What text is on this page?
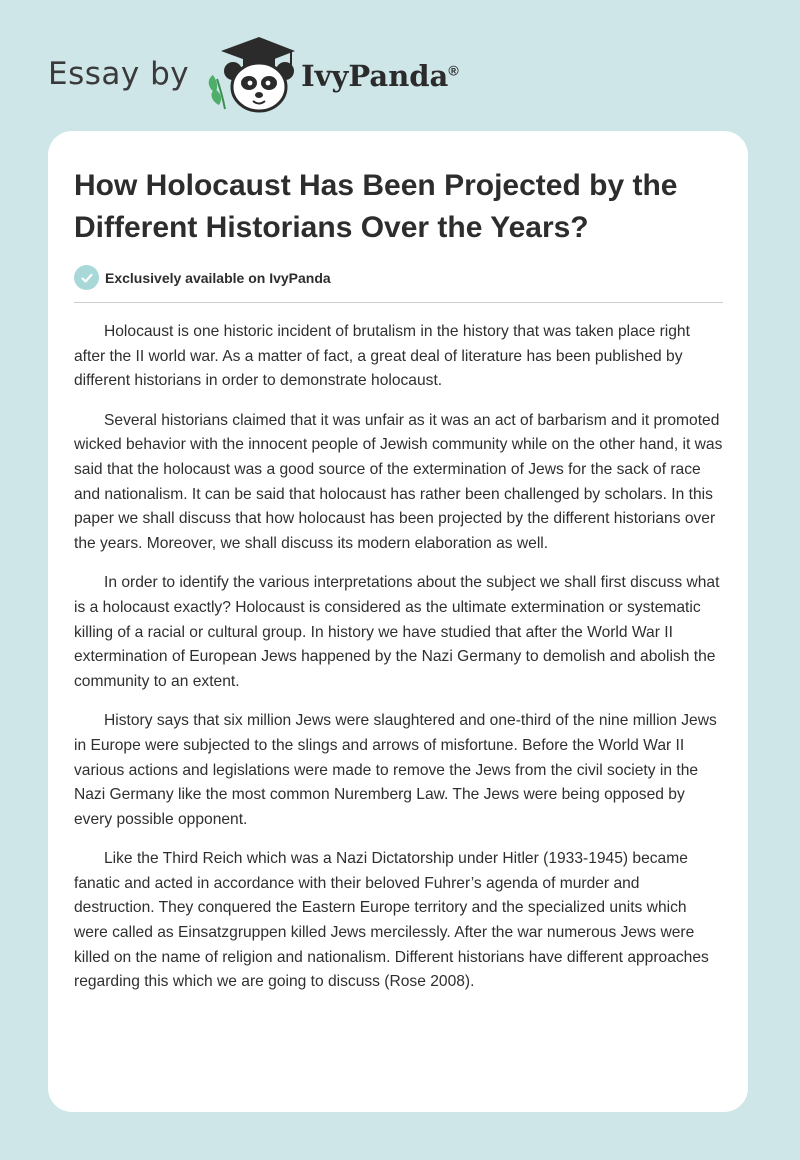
Essay by	IvyPanda®
How Holocaust Has Been Projected by the Different Historians Over the Years?
Exclusively available on IvyPanda

Holocaust is one historic incident of brutalism in the history that was taken place right after the II world war. As a matter of fact, a great deal of literature has been published by different historians in order to demonstrate holocaust.

Several historians claimed that it was unfair as it was an act of barbarism and it promoted wicked behavior with the innocent people of Jewish community while on the other hand, it was said that the holocaust was a good source of the extermination of Jews for the sack of race and nationalism. It can be said that holocaust has rather been challenged by scholars. In this paper we shall discuss that how holocaust has been projected by the different historians over the years. Moreover, we shall discuss its modern elaboration as well.

In order to identify the various interpretations about the subject we shall first discuss what is a holocaust exactly? Holocaust is considered as the ultimate extermination or systematic killing of a racial or cultural group. In history we have studied that after the World War II extermination of European Jews happened by the Nazi Germany to demolish and abolish the community to an extent.

History says that six million Jews were slaughtered and one-third of the nine million Jews in Europe were subjected to the slings and arrows of misfortune. Before the World War II various actions and legislations were made to remove the Jews from the civil society in the Nazi Germany like the most common Nuremberg Law. The Jews were being opposed by every possible opponent.

Like the Third Reich which was a Nazi Dictatorship under Hitler (1933-1945) became fanatic and acted in accordance with their beloved Fuhrer’s agenda of murder and destruction. They conquered the Eastern Europe territory and the specialized units which were called as Einsatzgruppen killed Jews mercilessly. After the war numerous Jews were killed on the name of religion and nationalism. Different historians have different approaches regarding this which we are going to discuss (Rose 2008).
